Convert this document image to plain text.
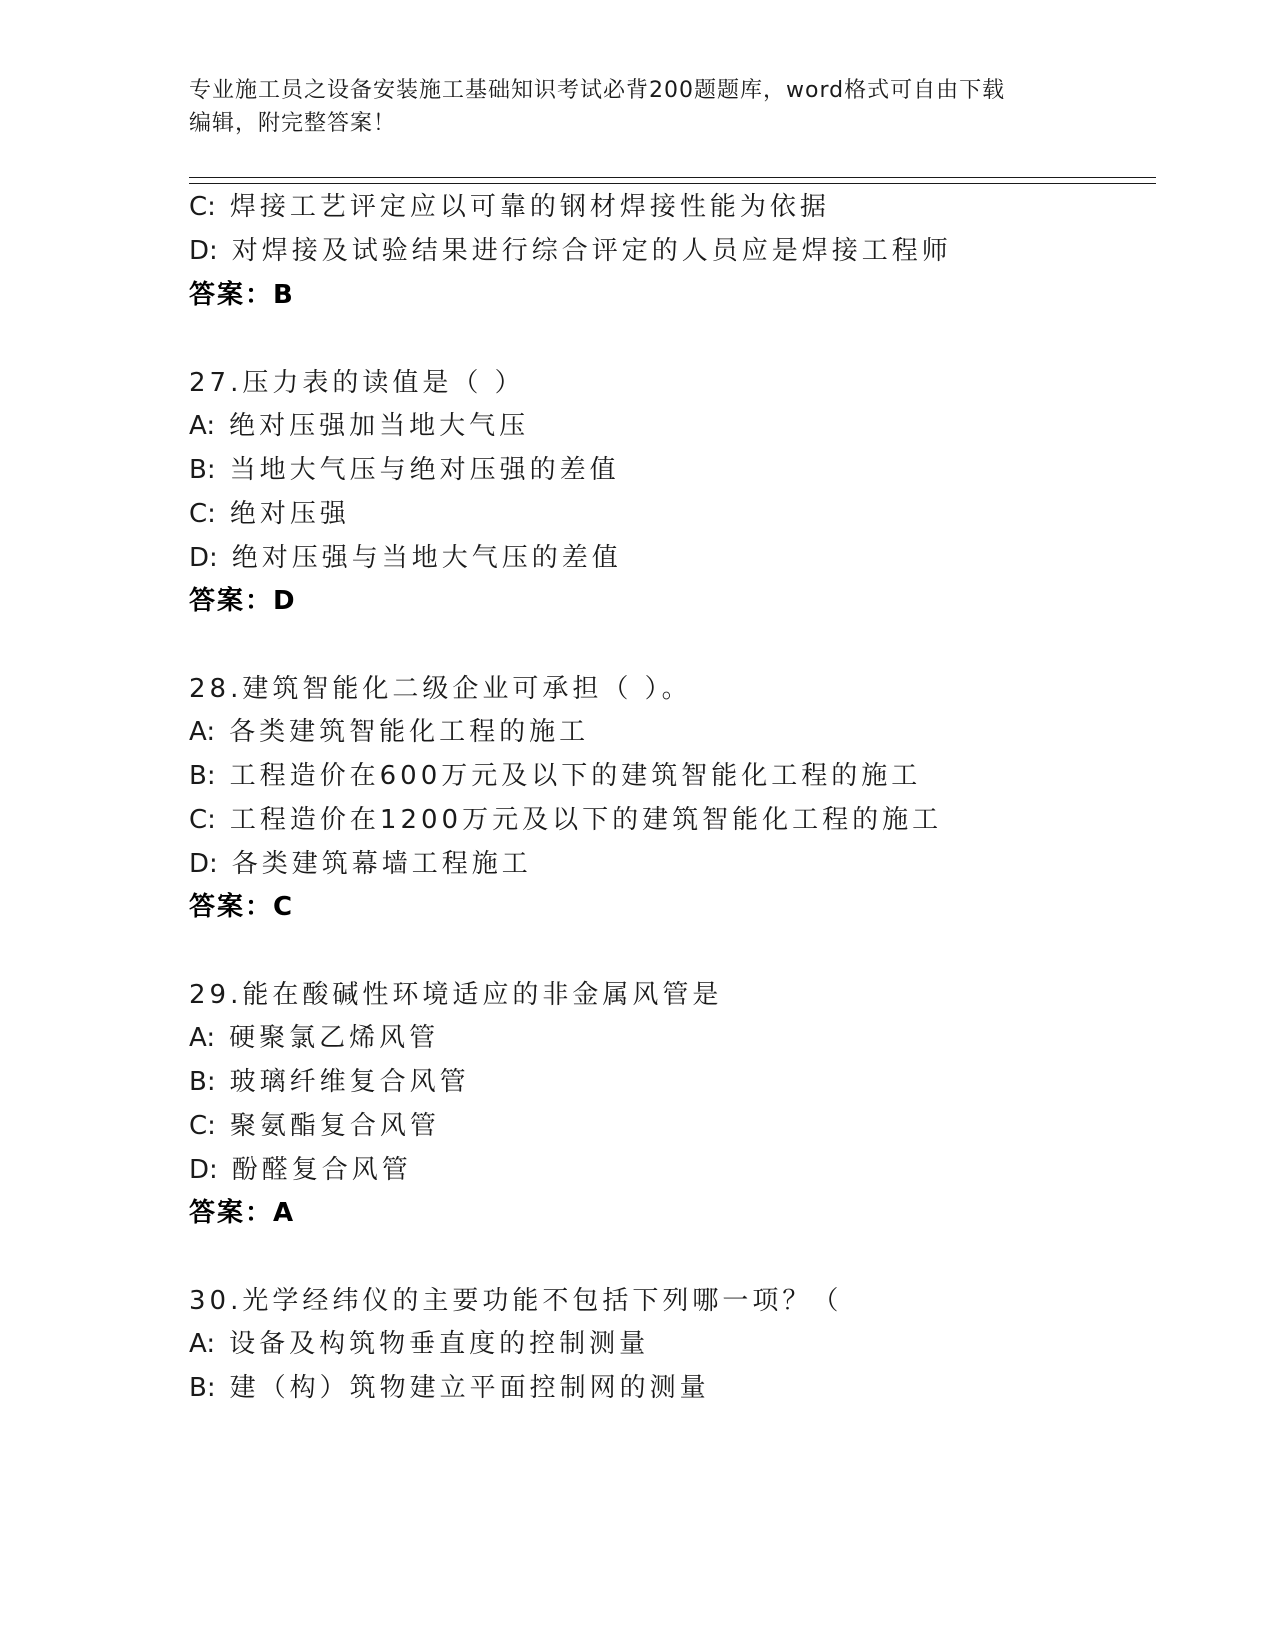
专业施工员之设备安装施工基础知识考试必背200题题库，word格式可自由下载
编辑，附完整答案！
C: 焊接工艺评定应以可靠的钢材焊接性能为依据
D: 对焊接及试验结果进行综合评定的人员应是焊接工程师
答案：B
27.压力表的读值是（ ）
A: 绝对压强加当地大气压
B: 当地大气压与绝对压强的差值
C: 绝对压强
D: 绝对压强与当地大气压的差值
答案：D
28.建筑智能化二级企业可承担（ ）。
A: 各类建筑智能化工程的施工
B: 工程造价在600万元及以下的建筑智能化工程的施工
C: 工程造价在1200万元及以下的建筑智能化工程的施工
D: 各类建筑幕墙工程施工
答案：C
29.能在酸碱性环境适应的非金属风管是
A: 硬聚氯乙烯风管
B: 玻璃纤维复合风管
C: 聚氨酯复合风管
D: 酚醛复合风管
答案：A
30.光学经纬仪的主要功能不包括下列哪一项？（
A: 设备及构筑物垂直度的控制测量
B: 建（构）筑物建立平面控制网的测量
